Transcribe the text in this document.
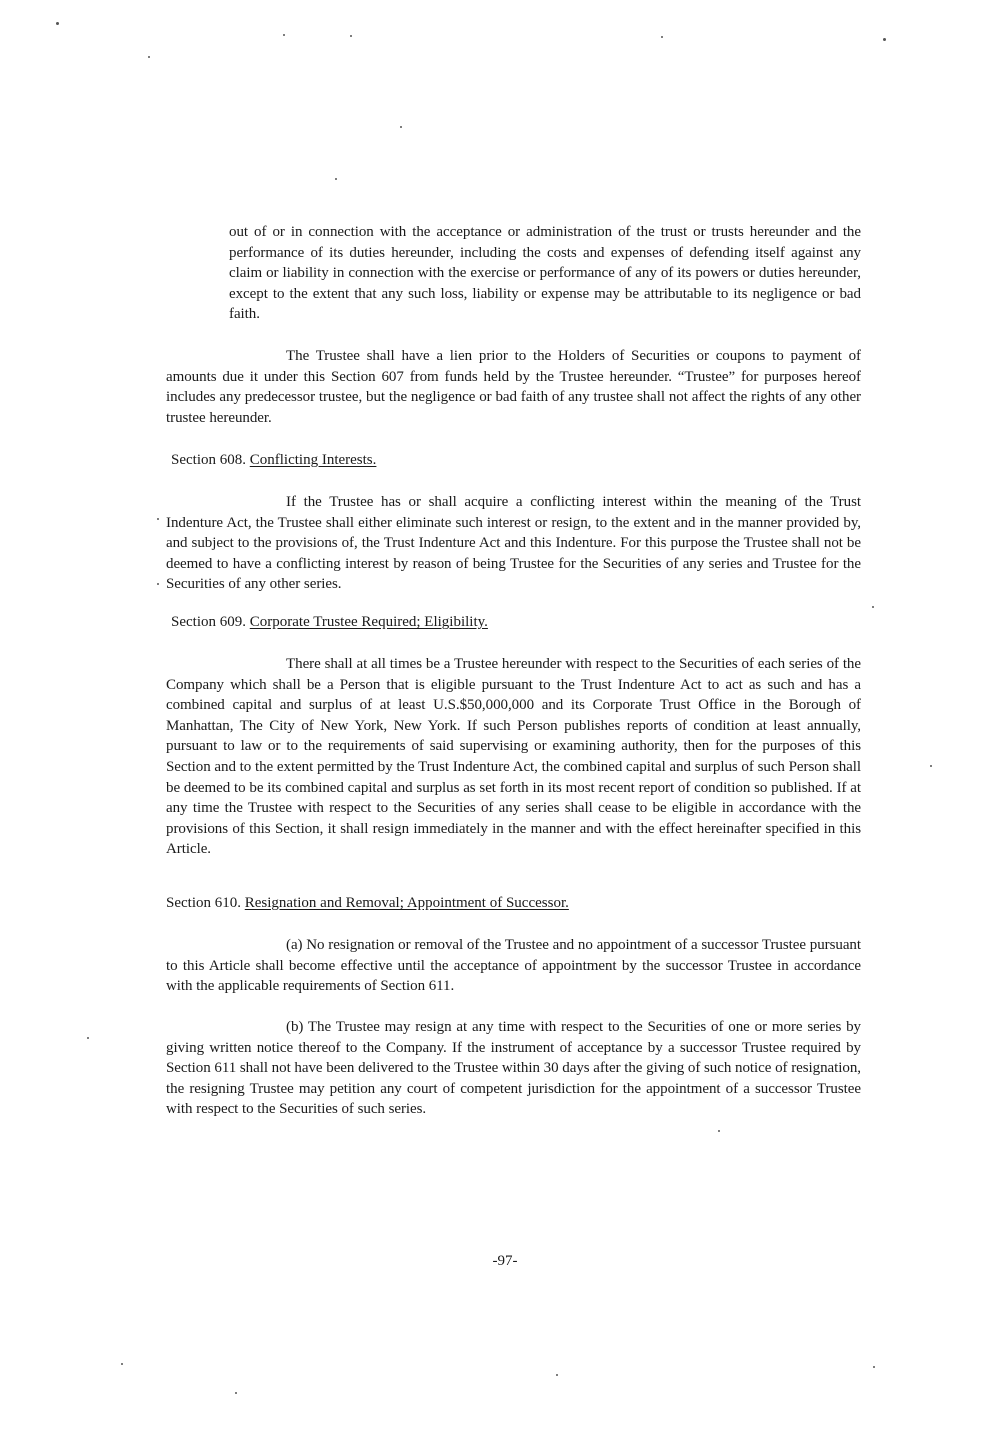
out of or in connection with the acceptance or administration of the trust or trusts hereunder and the performance of its duties hereunder, including the costs and expenses of defending itself against any claim or liability in connection with the exercise or performance of any of its powers or duties hereunder, except to the extent that any such loss, liability or expense may be attributable to its negligence or bad faith.
The Trustee shall have a lien prior to the Holders of Securities or coupons to payment of amounts due it under this Section 607 from funds held by the Trustee hereunder. “Trustee” for purposes hereof includes any predecessor trustee, but the negligence or bad faith of any trustee shall not affect the rights of any other trustee hereunder.
Section 608. Conflicting Interests.
If the Trustee has or shall acquire a conflicting interest within the meaning of the Trust Indenture Act, the Trustee shall either eliminate such interest or resign, to the extent and in the manner provided by, and subject to the provisions of, the Trust Indenture Act and this Indenture. For this purpose the Trustee shall not be deemed to have a conflicting interest by reason of being Trustee for the Securities of any series and Trustee for the Securities of any other series.
Section 609. Corporate Trustee Required; Eligibility.
There shall at all times be a Trustee hereunder with respect to the Securities of each series of the Company which shall be a Person that is eligible pursuant to the Trust Indenture Act to act as such and has a combined capital and surplus of at least U.S.$50,000,000 and its Corporate Trust Office in the Borough of Manhattan, The City of New York, New York. If such Person publishes reports of condition at least annually, pursuant to law or to the requirements of said supervising or examining authority, then for the purposes of this Section and to the extent permitted by the Trust Indenture Act, the combined capital and surplus of such Person shall be deemed to be its combined capital and surplus as set forth in its most recent report of condition so published. If at any time the Trustee with respect to the Securities of any series shall cease to be eligible in accordance with the provisions of this Section, it shall resign immediately in the manner and with the effect hereinafter specified in this Article.
Section 610. Resignation and Removal; Appointment of Successor.
(a) No resignation or removal of the Trustee and no appointment of a successor Trustee pursuant to this Article shall become effective until the acceptance of appointment by the successor Trustee in accordance with the applicable requirements of Section 611.
(b) The Trustee may resign at any time with respect to the Securities of one or more series by giving written notice thereof to the Company. If the instrument of acceptance by a successor Trustee required by Section 611 shall not have been delivered to the Trustee within 30 days after the giving of such notice of resignation, the resigning Trustee may petition any court of competent jurisdiction for the appointment of a successor Trustee with respect to the Securities of such series.
-97-
